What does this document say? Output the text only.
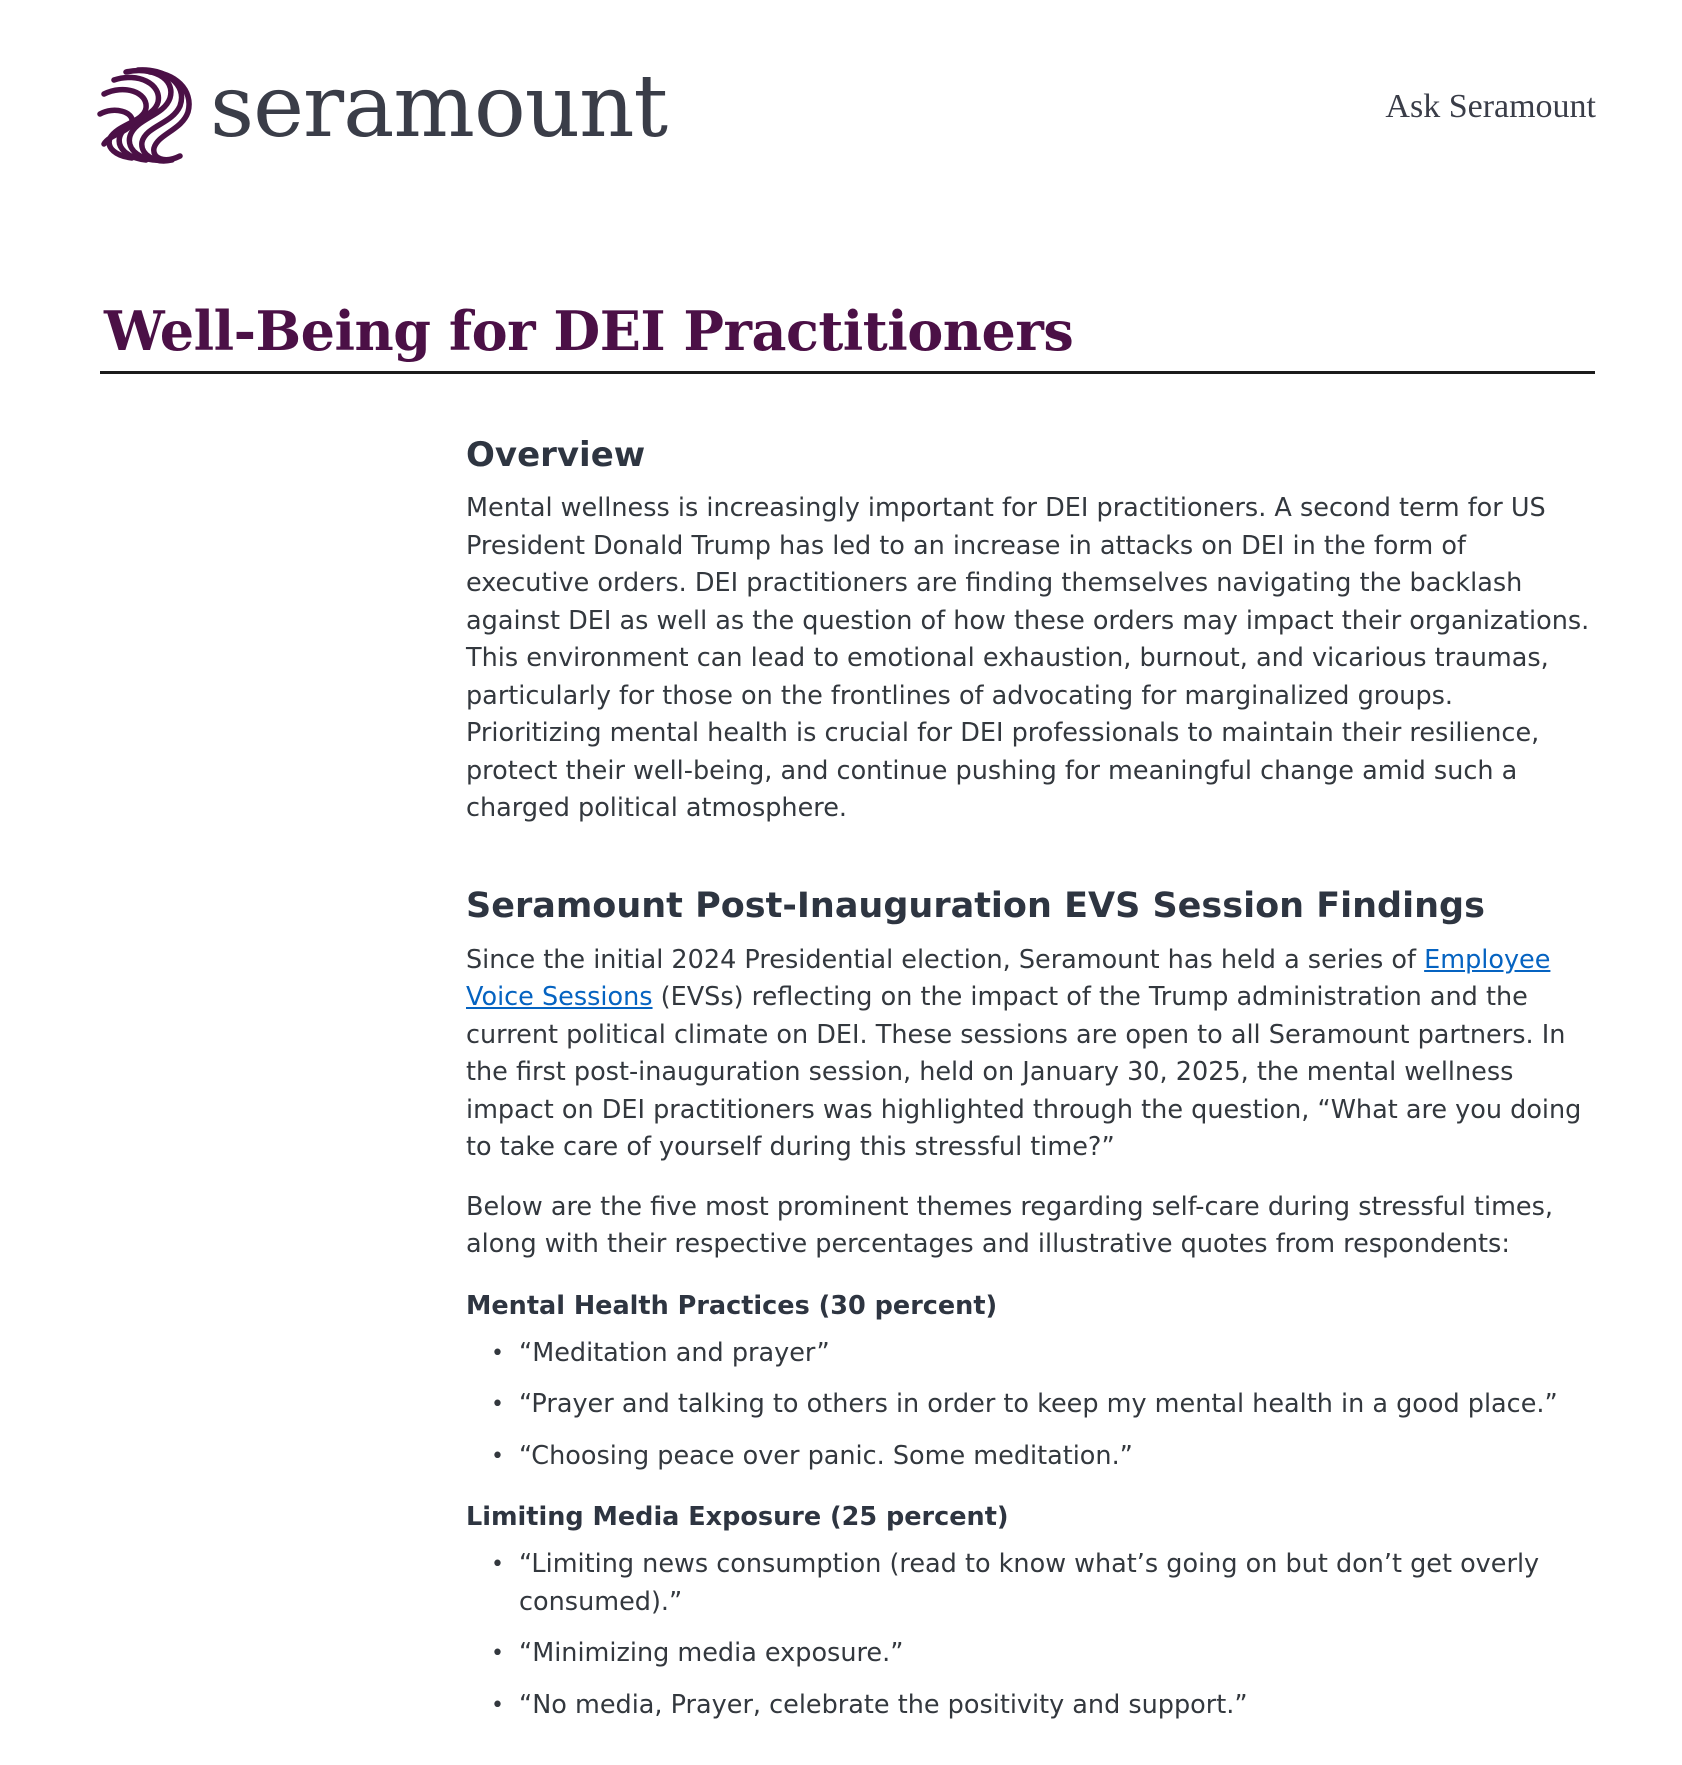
seramount	Ask Seramount
Well-Being for DEI Practitioners
Overview

Mental wellness is increasingly important for DEI practitioners. A second term for US President Donald Trump has led to an increase in attacks on DEI in the form of executive orders. DEI practitioners are finding themselves navigating the backlash against DEI as well as the question of how these orders may impact their organizations. This environment can lead to emotional exhaustion, burnout, and vicarious traumas, particularly for those on the frontlines of advocating for marginalized groups. Prioritizing mental health is crucial for DEI professionals to maintain their resilience, protect their well-being, and continue pushing for meaningful change amid such a charged political atmosphere.

Seramount Post-Inauguration EVS Session Findings

Since the initial 2024 Presidential election, Seramount has held a series of Employee Voice Sessions (EVSs) reflecting on the impact of the Trump administration and the current political climate on DEI. These sessions are open to all Seramount partners. In the first post-inauguration session, held on January 30, 2025, the mental wellness impact on DEI practitioners was highlighted through the question, “What are you doing to take care of yourself during this stressful time?”

Below are the five most prominent themes regarding self-care during stressful times, along with their respective percentages and illustrative quotes from respondents:

Mental Health Practices (30 percent)
• “Meditation and prayer”
• “Prayer and talking to others in order to keep my mental health in a good place.”
• “Choosing peace over panic. Some meditation.”
Limiting Media Exposure (25 percent)
• “Limiting news consumption (read to know what’s going on but don’t get overly consumed).”
• “Minimizing media exposure.”
• “No media, Prayer, celebrate the positivity and support.”
